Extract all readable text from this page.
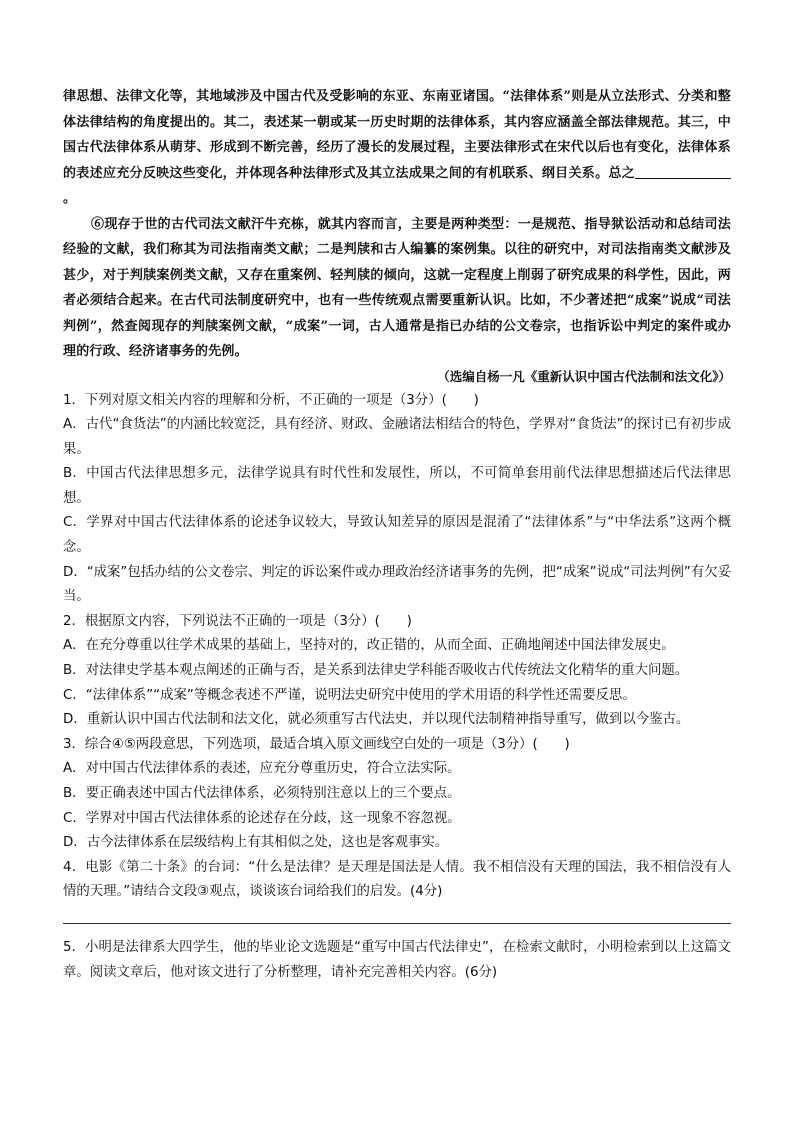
律思想、法律文化等，其地域涉及中国古代及受影响的东亚、东南亚诸国。“法律体系”则是从立法形式、分类和整体法律结构的角度提出的。其二，表述某一朝或某一历史时期的法律体系，其内容应涵盖全部法律规范。其三，中国古代法律体系从萌芽、形成到不断完善，经历了漫长的发展过程，主要法律形式在宋代以后也有变化，法律体系的表述应充分反映这些变化，并体现各种法律形式及其立法成果之间的有机联系、纲目关系。总之。

⑥现存于世的古代司法文献汗牛充栋，就其内容而言，主要是两种类型：一是规范、指导狱讼活动和总结司法经验的文献，我们称其为司法指南类文献；二是判牍和古人编纂的案例集。以往的研究中，对司法指南类文献涉及甚少，对于判牍案例类文献，又存在重案例、轻判牍的倾向，这就一定程度上削弱了研究成果的科学性，因此，两者必须结合起来。在古代司法制度研究中，也有一些传统观点需要重新认识。比如，不少著述把“成案”说成“司法判例”，然查阅现存的判牍案例文献，“成案”一词，古人通常是指已办结的公文卷宗，也指诉讼中判定的案件或办理的行政、经济诸事务的先例。

（选编自杨一凡《重新认识中国古代法制和法文化》）

1．下列对原文相关内容的理解和分析，不正确的一项是（3分）(　　)

A．古代“食货法”的内涵比较宽泛，具有经济、财政、金融诸法相结合的特色，学界对“食货法”的探讨已有初步成果。

B．中国古代法律思想多元，法律学说具有时代性和发展性，所以，不可简单套用前代法律思想描述后代法律思想。

C．学界对中国古代法律体系的论述争议较大，导致认知差异的原因是混淆了“法律体系”与“中华法系”这两个概念。

D．“成案”包括办结的公文卷宗、判定的诉讼案件或办理政治经济诸事务的先例，把“成案”说成“司法判例”有欠妥当。

2．根据原文内容，下列说法不正确的一项是（3分）(　　)

A．在充分尊重以往学术成果的基础上，坚持对的，改正错的，从而全面、正确地阐述中国法律发展史。

B．对法律史学基本观点阐述的正确与否，是关系到法律史学科能否吸收古代传统法文化精华的重大问题。

C．“法律体系”“成案”等概念表述不严谨，说明法史研究中使用的学术用语的科学性还需要反思。

D．重新认识中国古代法制和法文化，就必须重写古代法史，并以现代法制精神指导重写，做到以今鉴古。

3．综合④⑤两段意思，下列选项，最适合填入原文画线空白处的一项是（3分）(　　)

A．对中国古代法律体系的表述，应充分尊重历史，符合立法实际。

B．要正确表述中国古代法律体系，必须特别注意以上的三个要点。

C．学界对中国古代法律体系的论述存在分歧，这一现象不容忽视。

D．古今法律体系在层级结构上有其相似之处，这也是客观事实。

4．电影《第二十条》的台词：“什么是法律？是天理是国法是人情。我不相信没有天理的国法，我不相信没有人情的天理。”请结合文段③观点，谈谈该台词给我们的启发。(4分)

5．小明是法律系大四学生，他的毕业论文选题是“重写中国古代法律史”，在检索文献时，小明检索到以上这篇文章。阅读文章后，他对该文进行了分析整理，请补充完善相关内容。(6分)
